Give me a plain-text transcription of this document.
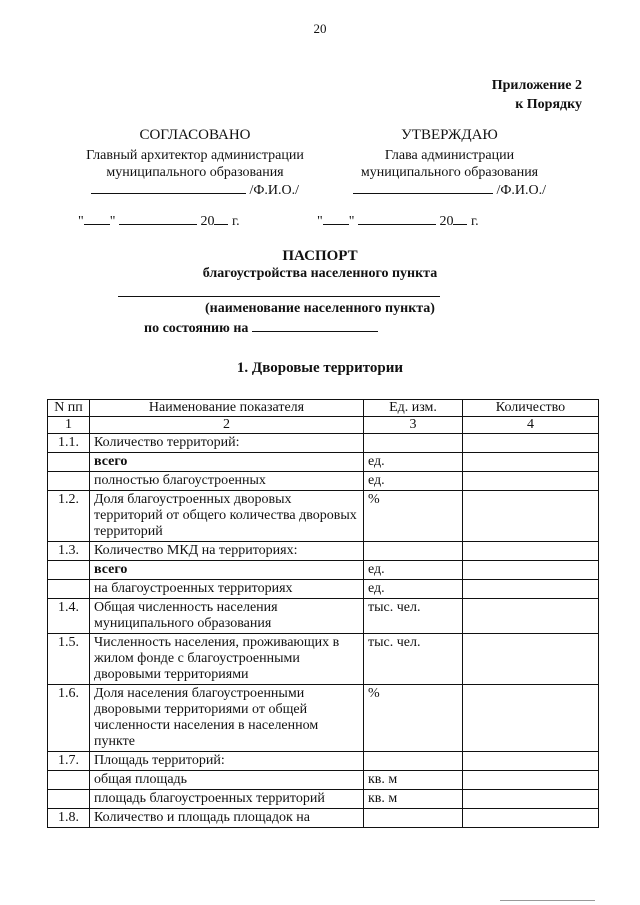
20
Приложение 2
к Порядку
СОГЛАСОВАНО
Главный архитектор администрации
муниципального образования
/Ф.И.О./
УТВЕРЖДАЮ
Глава администрации
муниципального образования
/Ф.И.О./
" "	20 г.	" "	20 г.
ПАСПОРТ
благоустройства населенного пункта
(наименование населенного пункта)
по состоянию на
1. Дворовые территории
N пп	Наименование показателя	Ед. изм.	Количество
1	2	3	4
1.1.	Количество территорий:		
	всего	ед.	
	полностью благоустроенных	ед.	
1.2.	Доля благоустроенных дворовых территорий от общего количества дворовых территорий	%	
1.3.	Количество МКД на территориях:		
	всего	ед.	
	на благоустроенных территориях	ед.	
1.4.	Общая численность населения муниципального образования	тыс. чел.	
1.5.	Численность населения, проживающих в жилом фонде с благоустроенными дворовыми территориями	тыс. чел.	
1.6.	Доля населения благоустроенными дворовыми территориями от общей численности населения в населенном пункте	%	
1.7.	Площадь территорий:		
	общая площадь	кв. м	
	площадь благоустроенных территорий	кв. м	
1.8.	Количество и площадь площадок на		
